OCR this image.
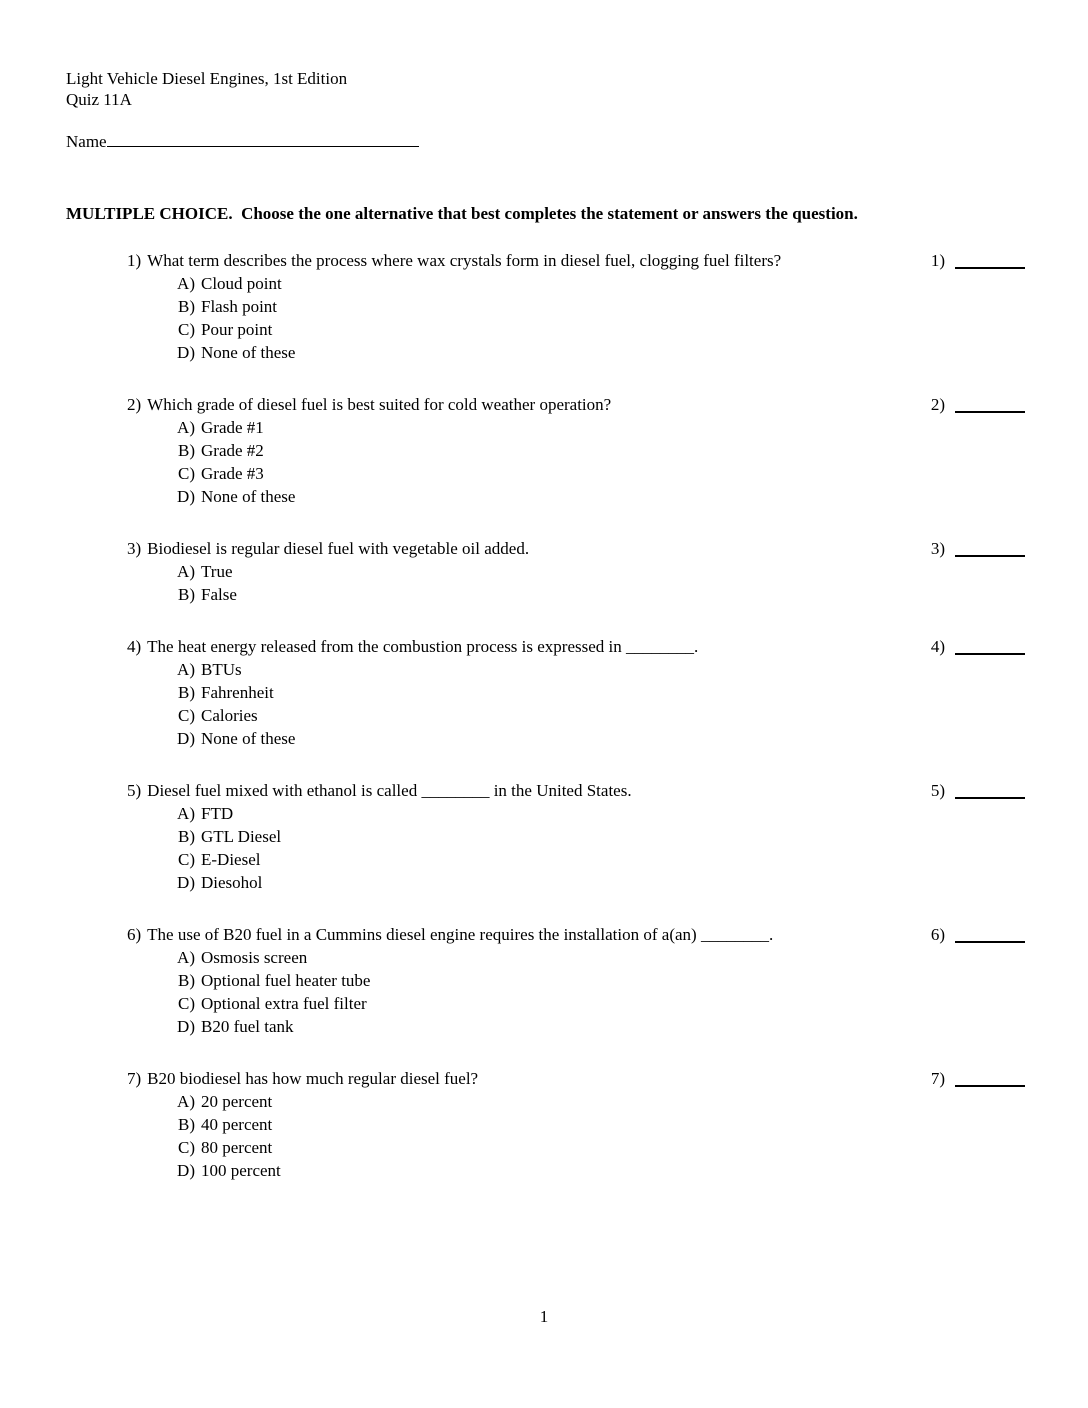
Light Vehicle Diesel Engines, 1st Edition
Quiz 11A
Name
MULTIPLE CHOICE.  Choose the one alternative that best completes the statement or answers the question.
1) What term describes the process where wax crystals form in diesel fuel, clogging fuel filters?	1)
A) Cloud point
B) Flash point
C) Pour point
D) None of these
2) Which grade of diesel fuel is best suited for cold weather operation?	2)
A) Grade #1
B) Grade #2
C) Grade #3
D) None of these
3) Biodiesel is regular diesel fuel with vegetable oil added.	3)
A) True
B) False
4) The heat energy released from the combustion process is expressed in ________.	4)
A) BTUs
B) Fahrenheit
C) Calories
D) None of these
5) Diesel fuel mixed with ethanol is called ________ in the United States.	5)
A) FTD
B) GTL Diesel
C) E-Diesel
D) Diesohol
6) The use of B20 fuel in a Cummins diesel engine requires the installation of a(an) ________.	6)
A) Osmosis screen
B) Optional fuel heater tube
C) Optional extra fuel filter
D) B20 fuel tank
7) B20 biodiesel has how much regular diesel fuel?	7)
A) 20 percent
B) 40 percent
C) 80 percent
D) 100 percent
1
